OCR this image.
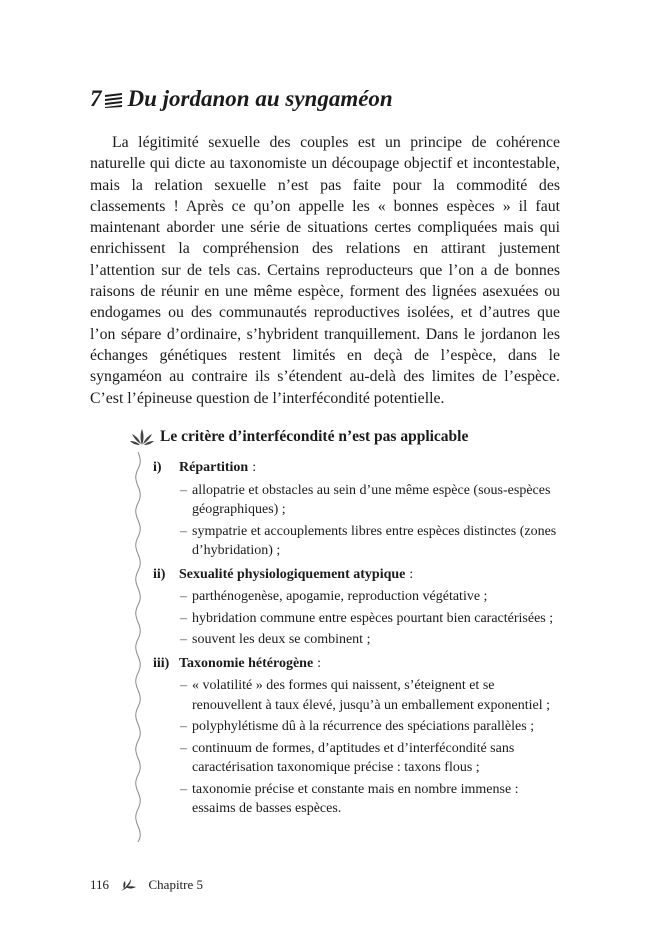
7 Du jordanon au syngaméon

La légitimité sexuelle des couples est un principe de cohérence naturelle qui dicte au taxonomiste un découpage objectif et incontestable, mais la relation sexuelle n’est pas faite pour la commodité des classements ! Après ce qu’on appelle les « bonnes espèces » il faut maintenant aborder une série de situations certes compliquées mais qui enrichissent la compréhension des relations en attirant justement l’attention sur de tels cas. Certains reproducteurs que l’on a de bonnes raisons de réunir en une même espèce, forment des lignées asexuées ou endogames ou des communautés reproductives isolées, et d’autres que l’on sépare d’ordinaire, s’hybrident tranquillement. Dans le jordanon les échanges génétiques restent limités en deçà de l’espèce, dans le syngaméon au contraire ils s’étendent au-delà des limites de l’espèce. C’est l’épineuse question de l’interfécondité potentielle.

Le critère d’interfécondité n’est pas applicable
i)	Répartition :
– allopatrie et obstacles au sein d’une même espèce (sous-espèces géographiques) ;
– sympatrie et accouplements libres entre espèces distinctes (zones d’hybridation) ;
ii) Sexualité physiologiquement atypique :
– parthénogenèse, apogamie, reproduction végétative ;
– hybridation commune entre espèces pourtant bien caractérisées ;
– souvent les deux se combinent ;
iii) Taxonomie hétérogène :
– « volatilité » des formes qui naissent, s’éteignent et se renouvellent à taux élevé, jusqu’à un emballement exponentiel ;
– polyphylétisme dû à la récurrence des spéciations parallèles ;
– continuum de formes, d’aptitudes et d’interfécondité sans caractérisation taxonomique précise : taxons flous ;
– taxonomie précise et constante mais en nombre immense : essaims de basses espèces.
116	Chapitre 5
